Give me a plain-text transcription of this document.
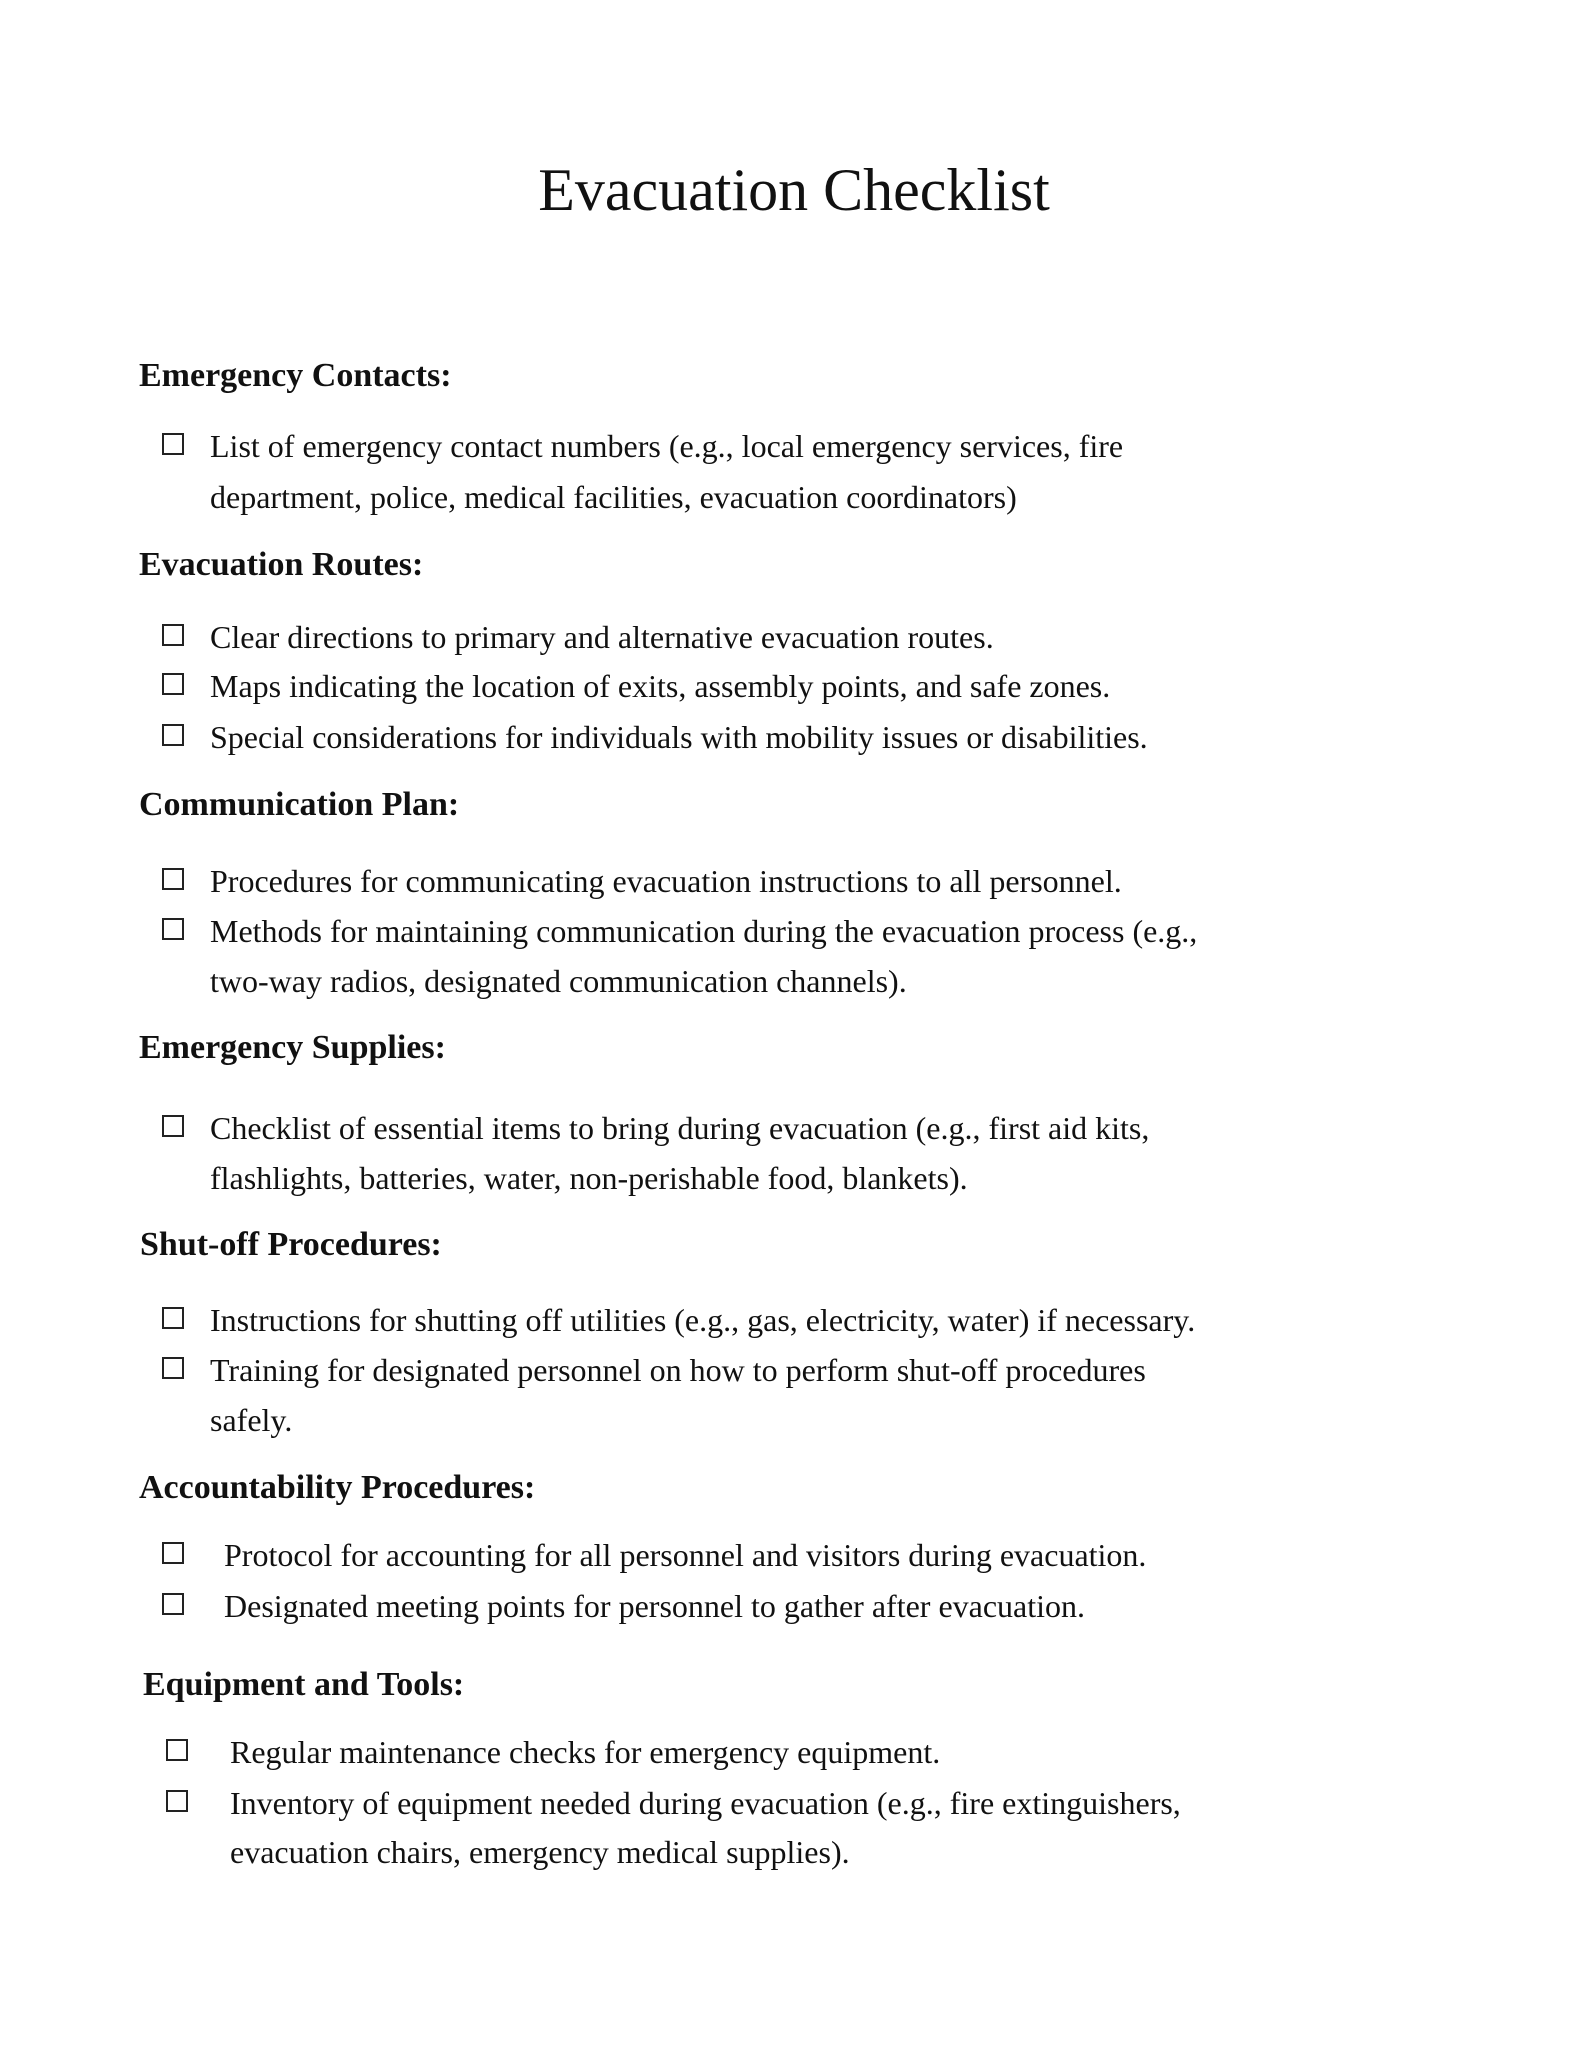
Evacuation Checklist
Emergency Contacts:
List of emergency contact numbers (e.g., local emergency services, fire
department, police, medical facilities, evacuation coordinators)
Evacuation Routes:
Clear directions to primary and alternative evacuation routes.
Maps indicating the location of exits, assembly points, and safe zones.
Special considerations for individuals with mobility issues or disabilities.
Communication Plan:
Procedures for communicating evacuation instructions to all personnel.
Methods for maintaining communication during the evacuation process (e.g.,
two-way radios, designated communication channels).
Emergency Supplies:
Checklist of essential items to bring during evacuation (e.g., first aid kits,
flashlights, batteries, water, non-perishable food, blankets).
Shut-off Procedures:
Instructions for shutting off utilities (e.g., gas, electricity, water) if necessary.
Training for designated personnel on how to perform shut-off procedures
safely.
Accountability Procedures:
Protocol for accounting for all personnel and visitors during evacuation.
Designated meeting points for personnel to gather after evacuation.
Equipment and Tools:
Regular maintenance checks for emergency equipment.
Inventory of equipment needed during evacuation (e.g., fire extinguishers,
evacuation chairs, emergency medical supplies).
